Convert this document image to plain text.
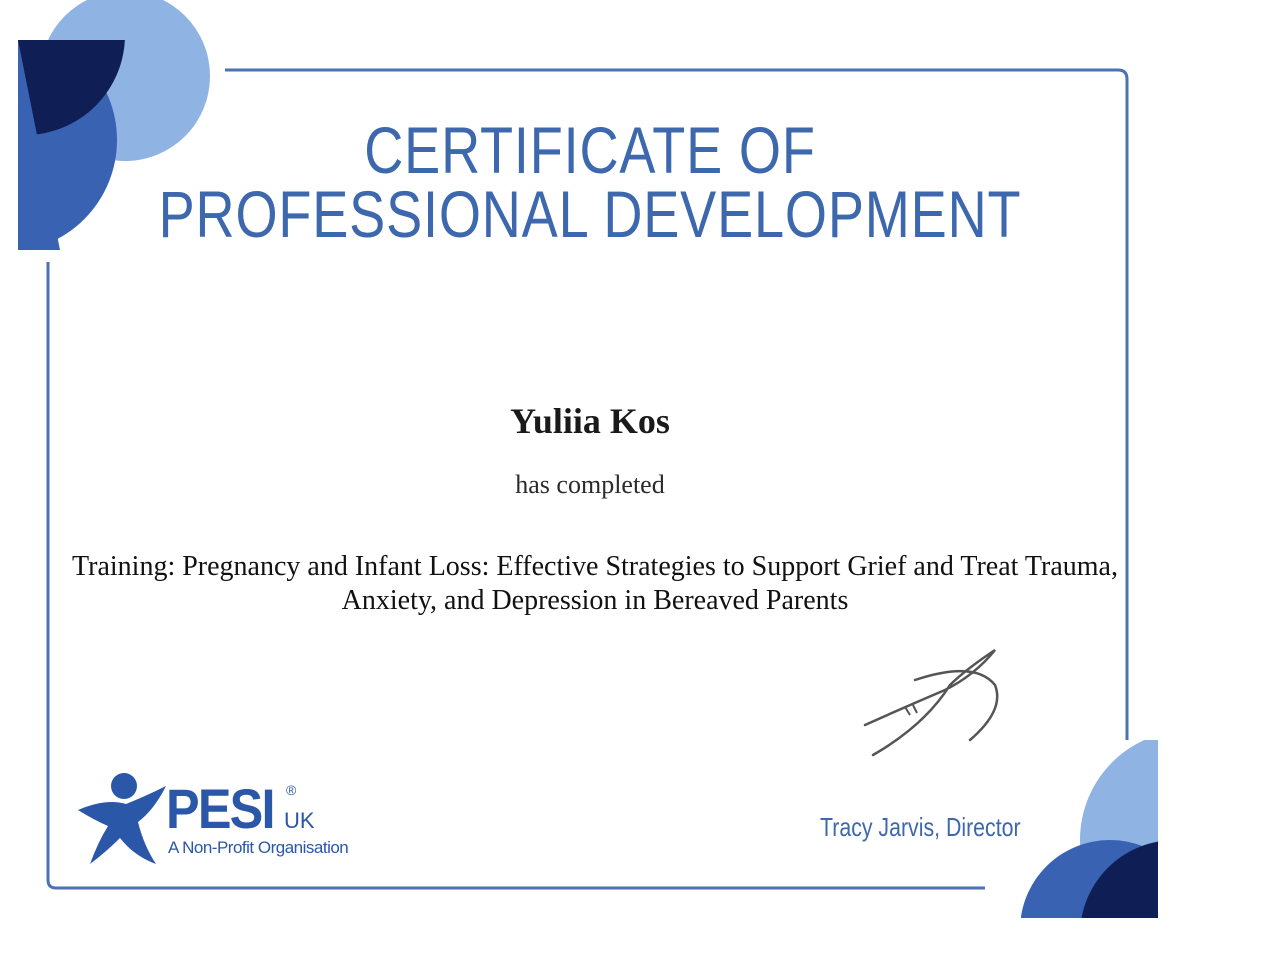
CERTIFICATE OF
PROFESSIONAL DEVELOPMENT
Yuliia Kos
has completed
Training: Pregnancy and Infant Loss: Effective Strategies to Support Grief and Treat Trauma, Anxiety, and Depression in Bereaved Parents
Tracy Jarvis, Director
PESI ®
UK
A Non-Profit Organisation
